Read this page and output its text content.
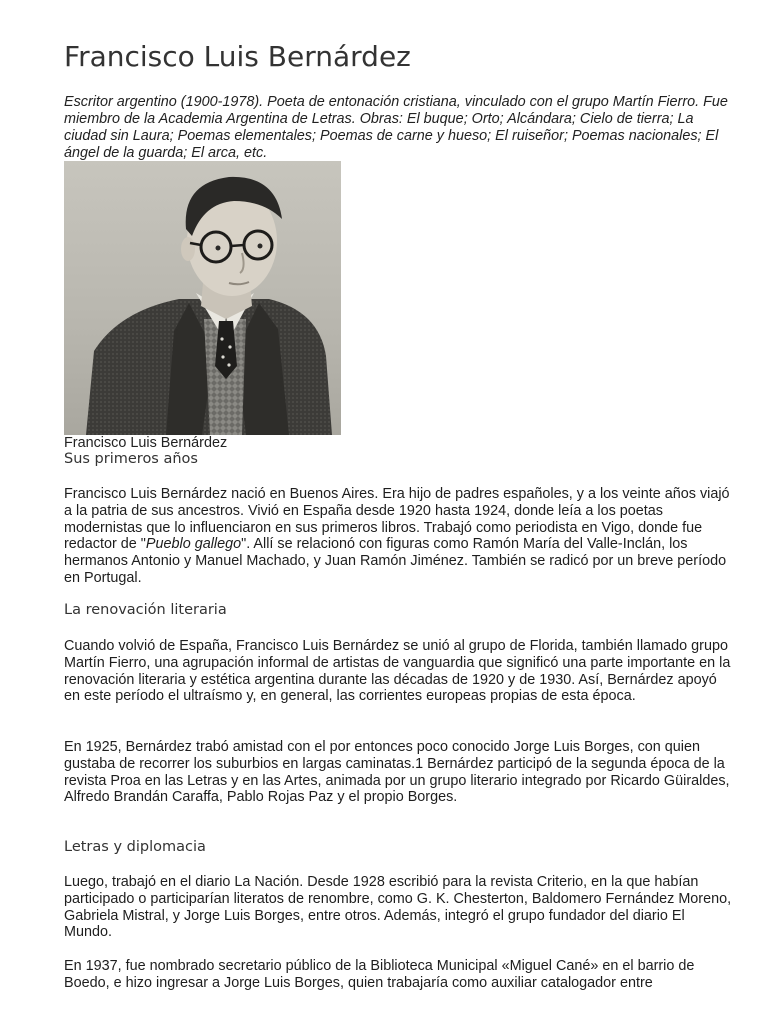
Francisco Luis Bernárdez

Escritor argentino (1900-1978). Poeta de entonación cristiana, vinculado con el grupo Martín Fierro. Fue miembro de la Academia Argentina de Letras. Obras: El buque; Orto; Alcándara; Cielo de tierra; La ciudad sin Laura; Poemas elementales; Poemas de carne y hueso; El ruiseñor; Poemas nacionales; El ángel de la guarda; El arca, etc.

Francisco Luis Bernárdez

Sus primeros años

Francisco Luis Bernárdez nació en Buenos Aires. Era hijo de padres españoles, y a los veinte años viajó a la patria de sus ancestros. Vivió en España desde 1920 hasta 1924, donde leía a los poetas modernistas que lo influenciaron en sus primeros libros. Trabajó como periodista en Vigo, donde fue redactor de "Pueblo gallego". Allí se relacionó con figuras como Ramón María del Valle-Inclán, los hermanos Antonio y Manuel Machado, y Juan Ramón Jiménez. También se radicó por un breve período en Portugal.

La renovación literaria

Cuando volvió de España, Francisco Luis Bernárdez se unió al grupo de Florida, también llamado grupo Martín Fierro, una agrupación informal de artistas de vanguardia que significó una parte importante en la renovación literaria y estética argentina durante las décadas de 1920 y de 1930. Así, Bernárdez apoyó en este período el ultraísmo y, en general, las corrientes europeas propias de esta época.

En 1925, Bernárdez trabó amistad con el por entonces poco conocido Jorge Luis Borges, con quien gustaba de recorrer los suburbios en largas caminatas.1 Bernárdez participó de la segunda época de la revista Proa en las Letras y en las Artes, animada por un grupo literario integrado por Ricardo Güiraldes, Alfredo Brandán Caraffa, Pablo Rojas Paz y el propio Borges.

Letras y diplomacia

Luego, trabajó en el diario La Nación. Desde 1928 escribió para la revista Criterio, en la que habían participado o participarían literatos de renombre, como G. K. Chesterton, Baldomero Fernández Moreno, Gabriela Mistral, y Jorge Luis Borges, entre otros. Además, integró el grupo fundador del diario El Mundo.

En 1937, fue nombrado secretario público de la Biblioteca Municipal «Miguel Cané» en el barrio de Boedo, e hizo ingresar a Jorge Luis Borges, quien trabajaría como auxiliar catalogador entre
